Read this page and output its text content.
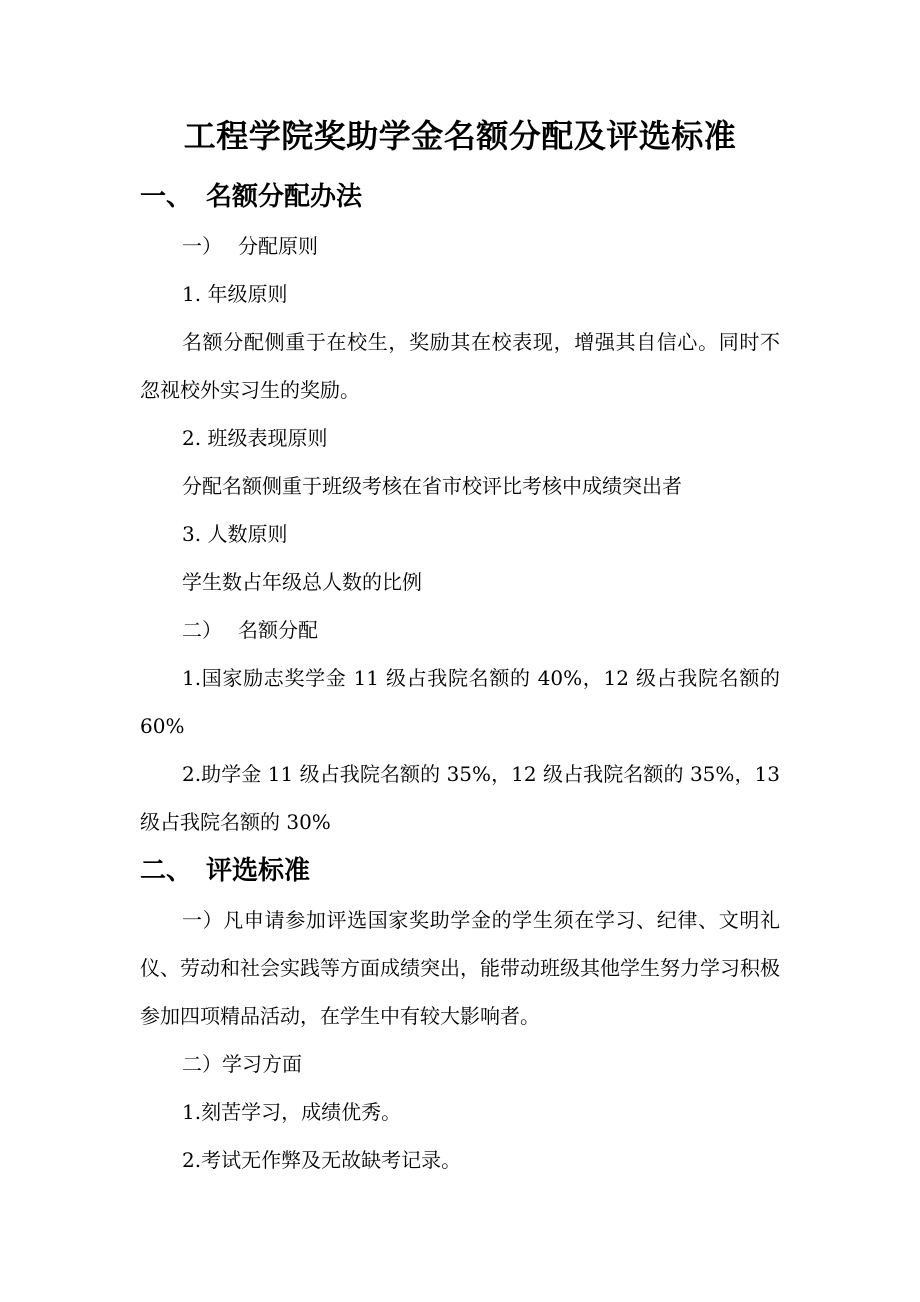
工程学院奖助学金名额分配及评选标准
一、 名额分配办法

一） 分配原则

1. 年级原则

名额分配侧重于在校生，奖励其在校表现，增强其自信心。同时不忽视校外实习生的奖励。

2. 班级表现原则

分配名额侧重于班级考核在省市校评比考核中成绩突出者

3. 人数原则

学生数占年级总人数的比例

二） 名额分配

1.国家励志奖学金 11 级占我院名额的 40%，12 级占我院名额的 60%

2.助学金 11 级占我院名额的 35%，12 级占我院名额的 35%，13 级占我院名额的 30%

二、 评选标准

一）凡申请参加评选国家奖助学金的学生须在学习、纪律、文明礼仪、劳动和社会实践等方面成绩突出，能带动班级其他学生努力学习积极参加四项精品活动，在学生中有较大影响者。

二）学习方面

1.刻苦学习，成绩优秀。

2.考试无作弊及无故缺考记录。
